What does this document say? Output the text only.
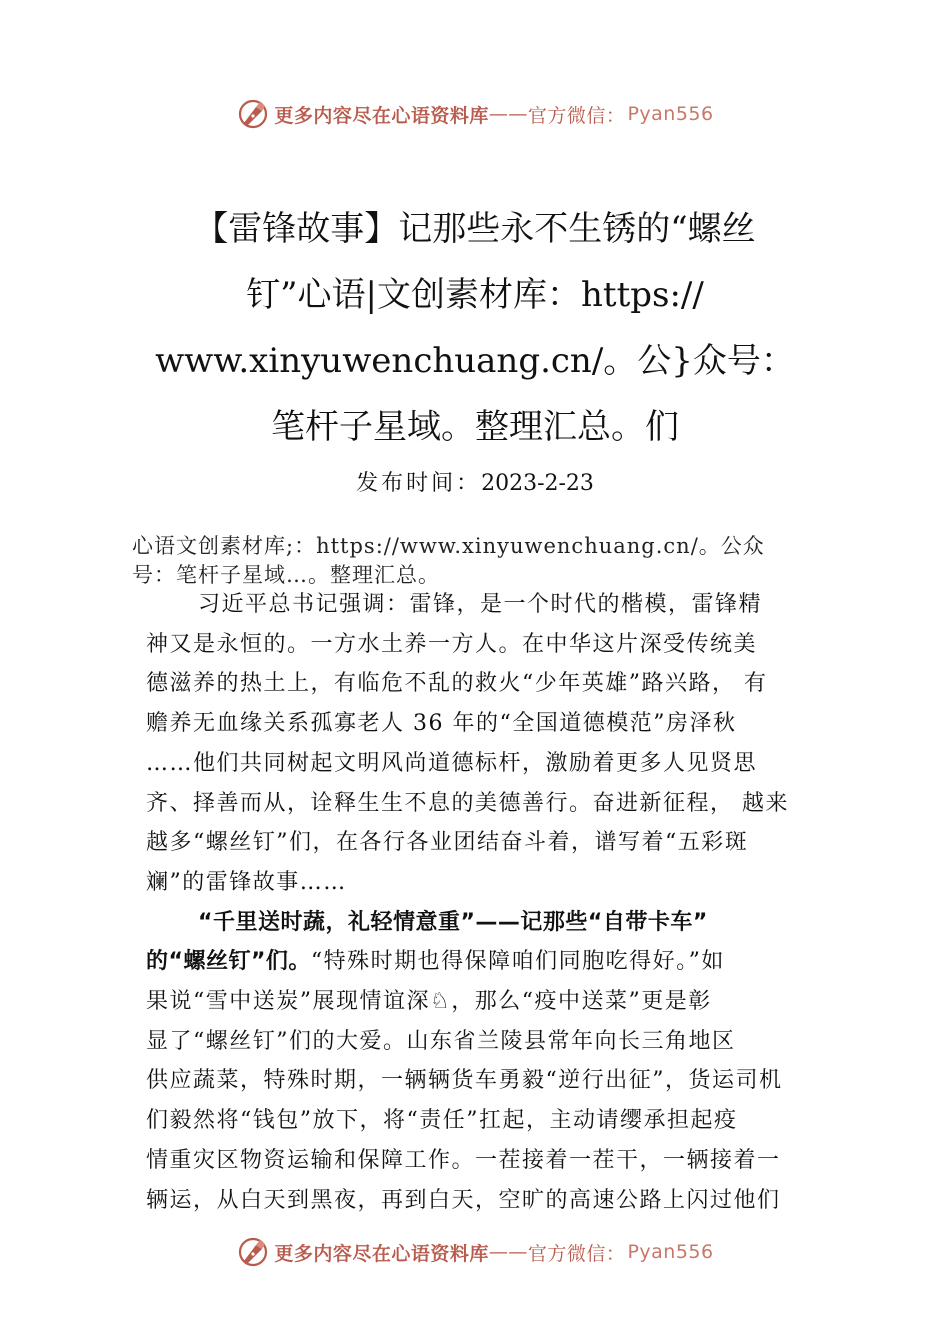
更多内容尽在心语资料库 —— 官方微信： Pyan556
【雷锋故事】记那些永不生锈的“螺丝
钉”心语|文创素材库：https://
www.xinyuwenchuang.cn/。公}众号：
笔杆子星域。整理汇总。们
发布时间：2023-2-23
心语文创素材库;：https://www.xinyuwenchuang.cn/。公众
号：笔杆子星域…。整理汇总。
习近平总书记强调：雷锋，是一个时代的楷模，雷锋精
神又是永恒的。一方水土养一方人。在中华这片深受传统美
德滋养的热土上，有临危不乱的救火“少年英雄”路兴路， 有
赡养无血缘关系孤寡老人 36 年的“全国道德模范”房泽秋
……他们共同树起文明风尚道德标杆，激励着更多人见贤思
齐、择善而从，诠释生生不息的美德善行。奋进新征程， 越来
越多“螺丝钉”们，在各行各业团结奋斗着，谱写着“五彩斑
斓”的雷锋故事……
“千里送时蔬，礼轻情意重”——记那些“自带卡车”
的“螺丝钉”们。“特殊时期也得保障咱们同胞吃得好。”如
果说“雪中送炭”展现情谊深♘，那么“疫中送菜”更是彰
显了“螺丝钉”们的大爱。山东省兰陵县常年向长三角地区
供应蔬菜，特殊时期，一辆辆货车勇毅“逆行出征”，货运司机
们毅然将“钱包”放下，将“责任”扛起，主动请缨承担起疫
情重灾区物资运输和保障工作。一茬接着一茬干，一辆接着一
辆运，从白天到黑夜，再到白天，空旷的高速公路上闪过他们
更多内容尽在心语资料库 —— 官方微信： Pyan556
